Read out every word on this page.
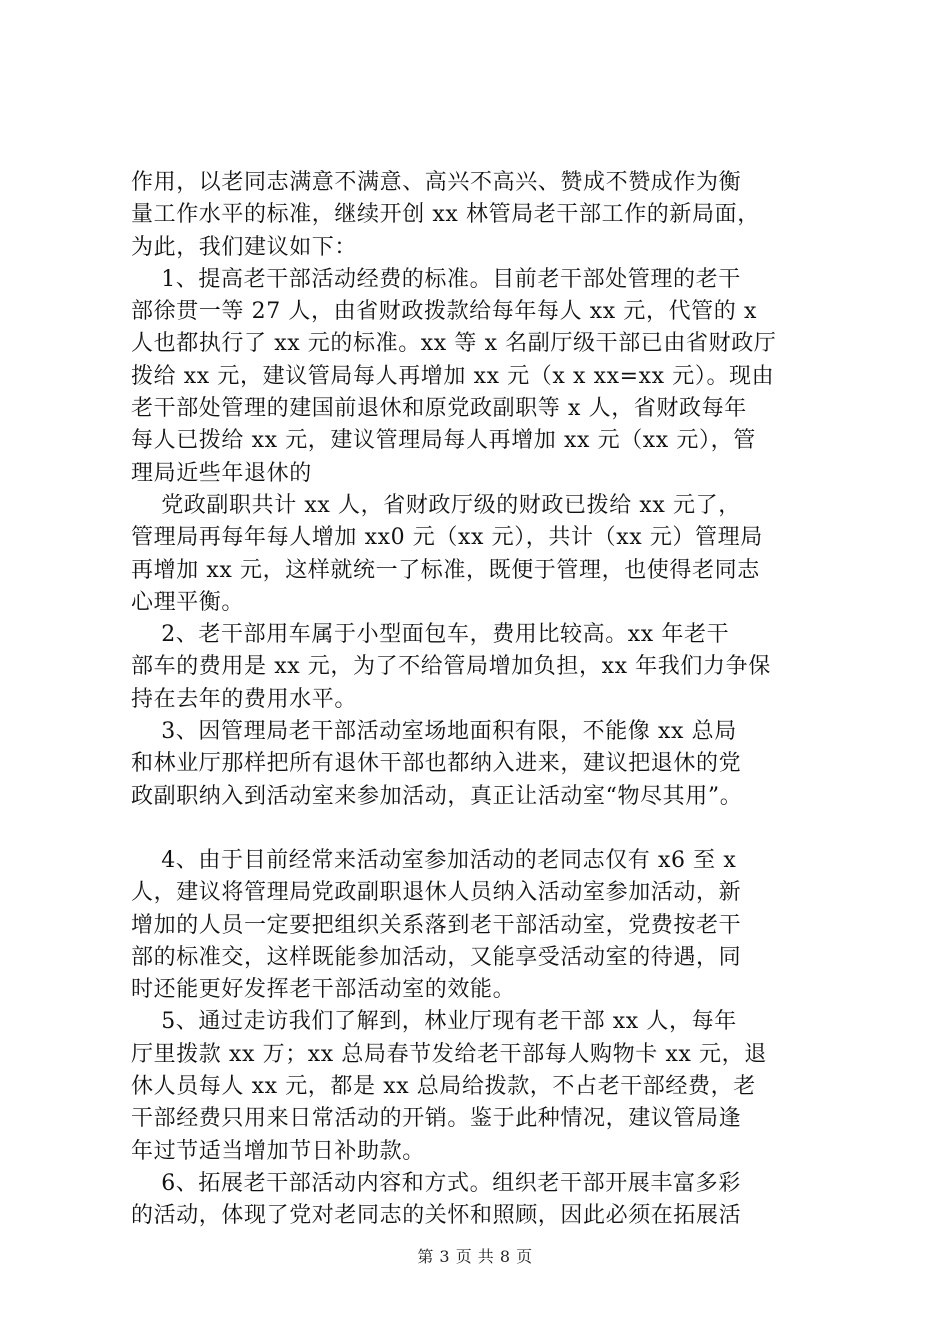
作用，以老同志满意不满意、高兴不高兴、赞成不赞成作为衡
量工作水平的标准，继续开创 xx 林管局老干部工作的新局面，
为此，我们建议如下：
　 1、提高老干部活动经费的标准。目前老干部处管理的老干
部徐贯一等 27 人，由省财政拨款给每年每人 xx 元，代管的 x
人也都执行了 xx 元的标准。xx 等 x 名副厅级干部已由省财政厅
拨给 xx 元，建议管局每人再增加 xx 元（x x xx=xx 元）。现由
老干部处管理的建国前退休和原党政副职等 x 人，省财政每年
每人已拨给 xx 元，建议管理局每人再增加 xx 元（xx 元），管
理局近些年退休的
　 党政副职共计 xx 人，省财政厅级的财政已拨给 xx 元了，
管理局再每年每人增加 xx0 元（xx 元），共计（xx 元）管理局
再增加 xx 元，这样就统一了标准，既便于管理，也使得老同志
心理平衡。
　 2、老干部用车属于小型面包车，费用比较高。xx 年老干
部车的费用是 xx 元，为了不给管局增加负担，xx 年我们力争保
持在去年的费用水平。
　 3、因管理局老干部活动室场地面积有限，不能像 xx 总局
和林业厅那样把所有退休干部也都纳入进来，建议把退休的党
政副职纳入到活动室来参加活动，真正让活动室“物尽其用”。
　 4、由于目前经常来活动室参加活动的老同志仅有 x6 至 x
人，建议将管理局党政副职退休人员纳入活动室参加活动，新
增加的人员一定要把组织关系落到老干部活动室，党费按老干
部的标准交，这样既能参加活动，又能享受活动室的待遇，同
时还能更好发挥老干部活动室的效能。
　 5、通过走访我们了解到，林业厅现有老干部 xx 人，每年
厅里拨款 xx 万；xx 总局春节发给老干部每人购物卡 xx 元，退
休人员每人 xx 元，都是 xx 总局给拨款，不占老干部经费，老
干部经费只用来日常活动的开销。鉴于此种情况，建议管局逢
年过节适当增加节日补助款。
　 6、拓展老干部活动内容和方式。组织老干部开展丰富多彩
的活动，体现了党对老同志的关怀和照顾，因此必须在拓展活
第 3 页 共 8 页
